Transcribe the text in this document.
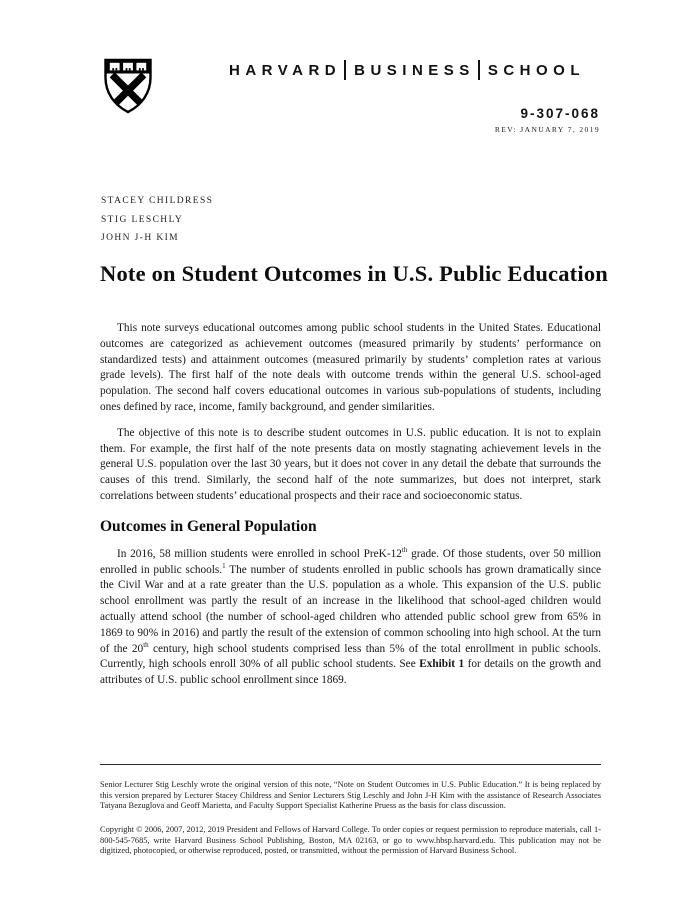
HARVARD BUSINESS SCHOOL
9-307-068
REV: JANUARY 7, 2019
STACEY CHILDRESS
STIG LESCHLY
JOHN J-H KIM
Note on Student Outcomes in U.S. Public Education

This note surveys educational outcomes among public school students in the United States. Educational outcomes are categorized as achievement outcomes (measured primarily by students’ performance on standardized tests) and attainment outcomes (measured primarily by students’ completion rates at various grade levels). The first half of the note deals with outcome trends within the general U.S. school-aged population. The second half covers educational outcomes in various sub-populations of students, including ones defined by race, income, family background, and gender similarities.

The objective of this note is to describe student outcomes in U.S. public education. It is not to explain them. For example, the first half of the note presents data on mostly stagnating achievement levels in the general U.S. population over the last 30 years, but it does not cover in any detail the debate that surrounds the causes of this trend. Similarly, the second half of the note summarizes, but does not interpret, stark correlations between students’ educational prospects and their race and socioeconomic status.

Outcomes in General Population

In 2016, 58 million students were enrolled in school PreK-12th grade. Of those students, over 50 million enrolled in public schools.$^1$ The number of students enrolled in public schools has grown dramatically since the Civil War and at a rate greater than the U.S. population as a whole. This expansion of the U.S. public school enrollment was partly the result of an increase in the likelihood that school-aged children would actually attend school (the number of school-aged children who attended public school grew from 65% in 1869 to 90% in 2016) and partly the result of the extension of common schooling into high school. At the turn of the 20th century, high school students comprised less than 5% of the total enrollment in public schools. Currently, high schools enroll 30% of all public school students. See Exhibit 1 for details on the growth and attributes of U.S. public school enrollment since 1869.

Senior Lecturer Stig Leschly wrote the original version of this note, “Note on Student Outcomes in U.S. Public Education.” It is being replaced by this version prepared by Lecturer Stacey Childress and Senior Lecturers Stig Leschly and John J-H Kim with the assistance of Research Associates Tatyana Bezuglova and Geoff Marietta, and Faculty Support Specialist Katherine Pruess as the basis for class discussion.

Copyright © 2006, 2007, 2012, 2019 President and Fellows of Harvard College. To order copies or request permission to reproduce materials, call 1-800-545-7685, write Harvard Business School Publishing, Boston, MA 02163, or go to www.hbsp.harvard.edu. This publication may not be digitized, photocopied, or otherwise reproduced, posted, or transmitted, without the permission of Harvard Business School.
